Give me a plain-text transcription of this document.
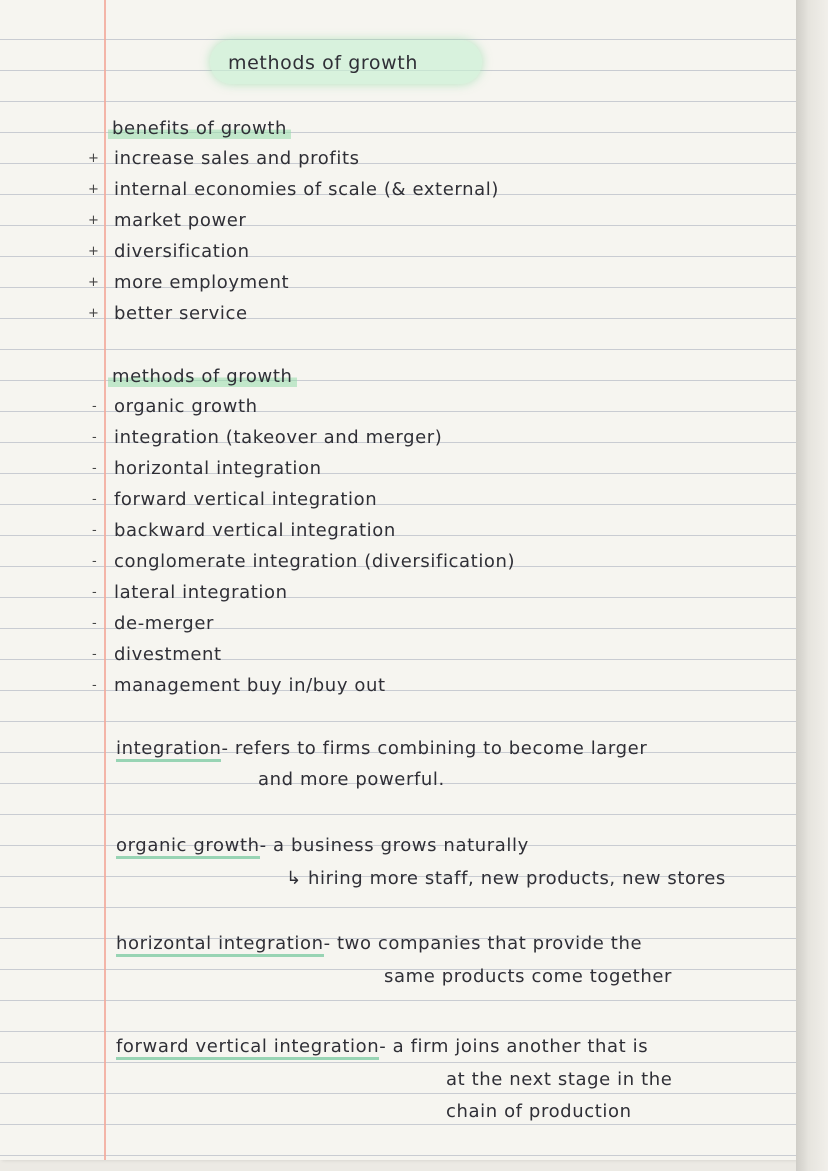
methods of growth
benefits of growth
+ increase sales and profits
+ internal economies of scale (& external)
+ market power
+ diversification
+ more employment
+ better service
methods of growth
- organic growth
- integration (takeover and merger)
- horizontal integration
- forward vertical integration
- backward vertical integration
- conglomerate integration (diversification)
- lateral integration
- de-merger
- divestment
- management buy in/buy out
integration- refers to firms combining to become larger
and more powerful.
organic growth- a business grows naturally
↳ hiring more staff, new products, new stores
horizontal integration- two companies that provide the
same products come together
forward vertical integration- a firm joins another that is
at the next stage in the
chain of production
